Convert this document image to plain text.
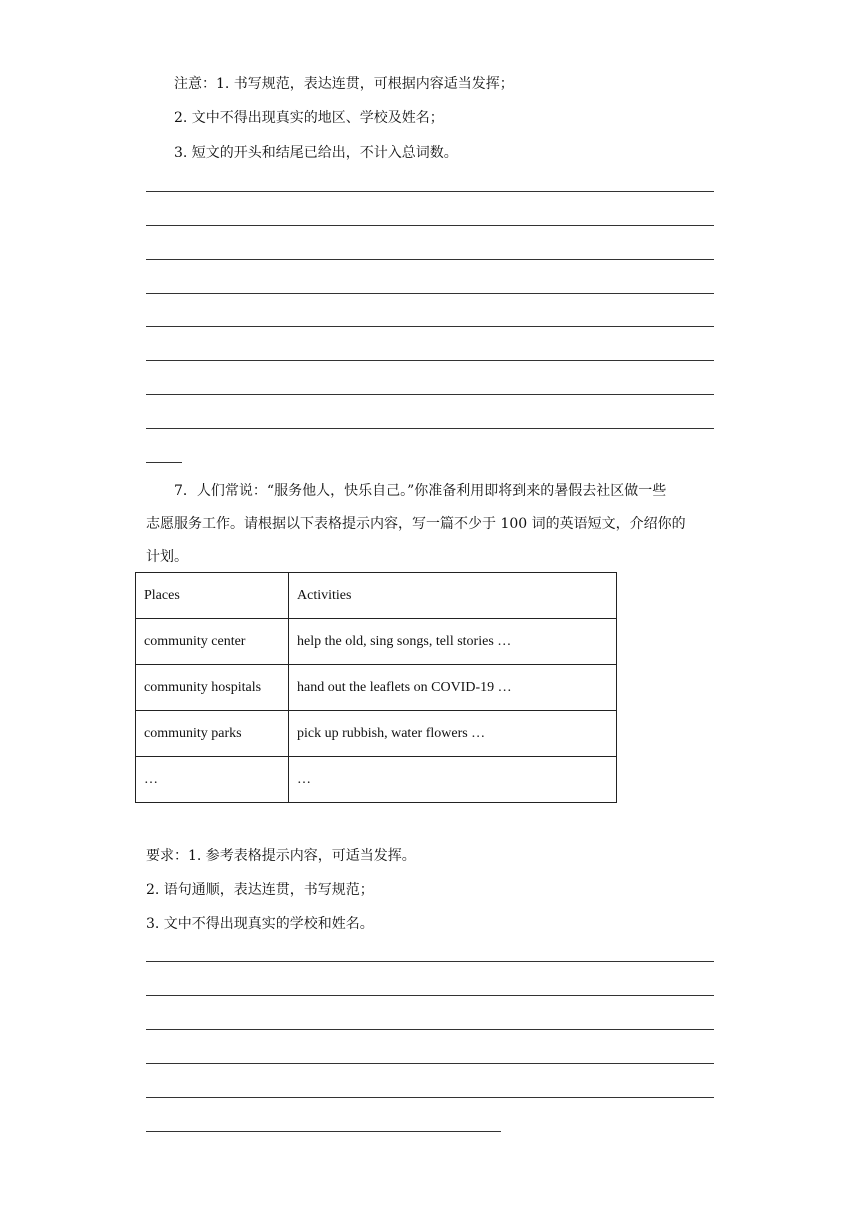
注意：1. 书写规范，表达连贯，可根据内容适当发挥；
2. 文中不得出现真实的地区、学校及姓名；
3. 短文的开头和结尾已给出，不计入总词数。
7．人们常说：“服务他人，快乐自己。”你准备利用即将到来的暑假去社区做一些
志愿服务工作。请根据以下表格提示内容，写一篇不少于 100 词的英语短文，介绍你的
计划。
Places	Activities
community center	help the old, sing songs, tell stories …
community hospitals	hand out the leaflets on COVID-19 …
community parks	pick up rubbish, water flowers …
…	…
要求：1. 参考表格提示内容，可适当发挥。
2. 语句通顺，表达连贯，书写规范；
3. 文中不得出现真实的学校和姓名。
